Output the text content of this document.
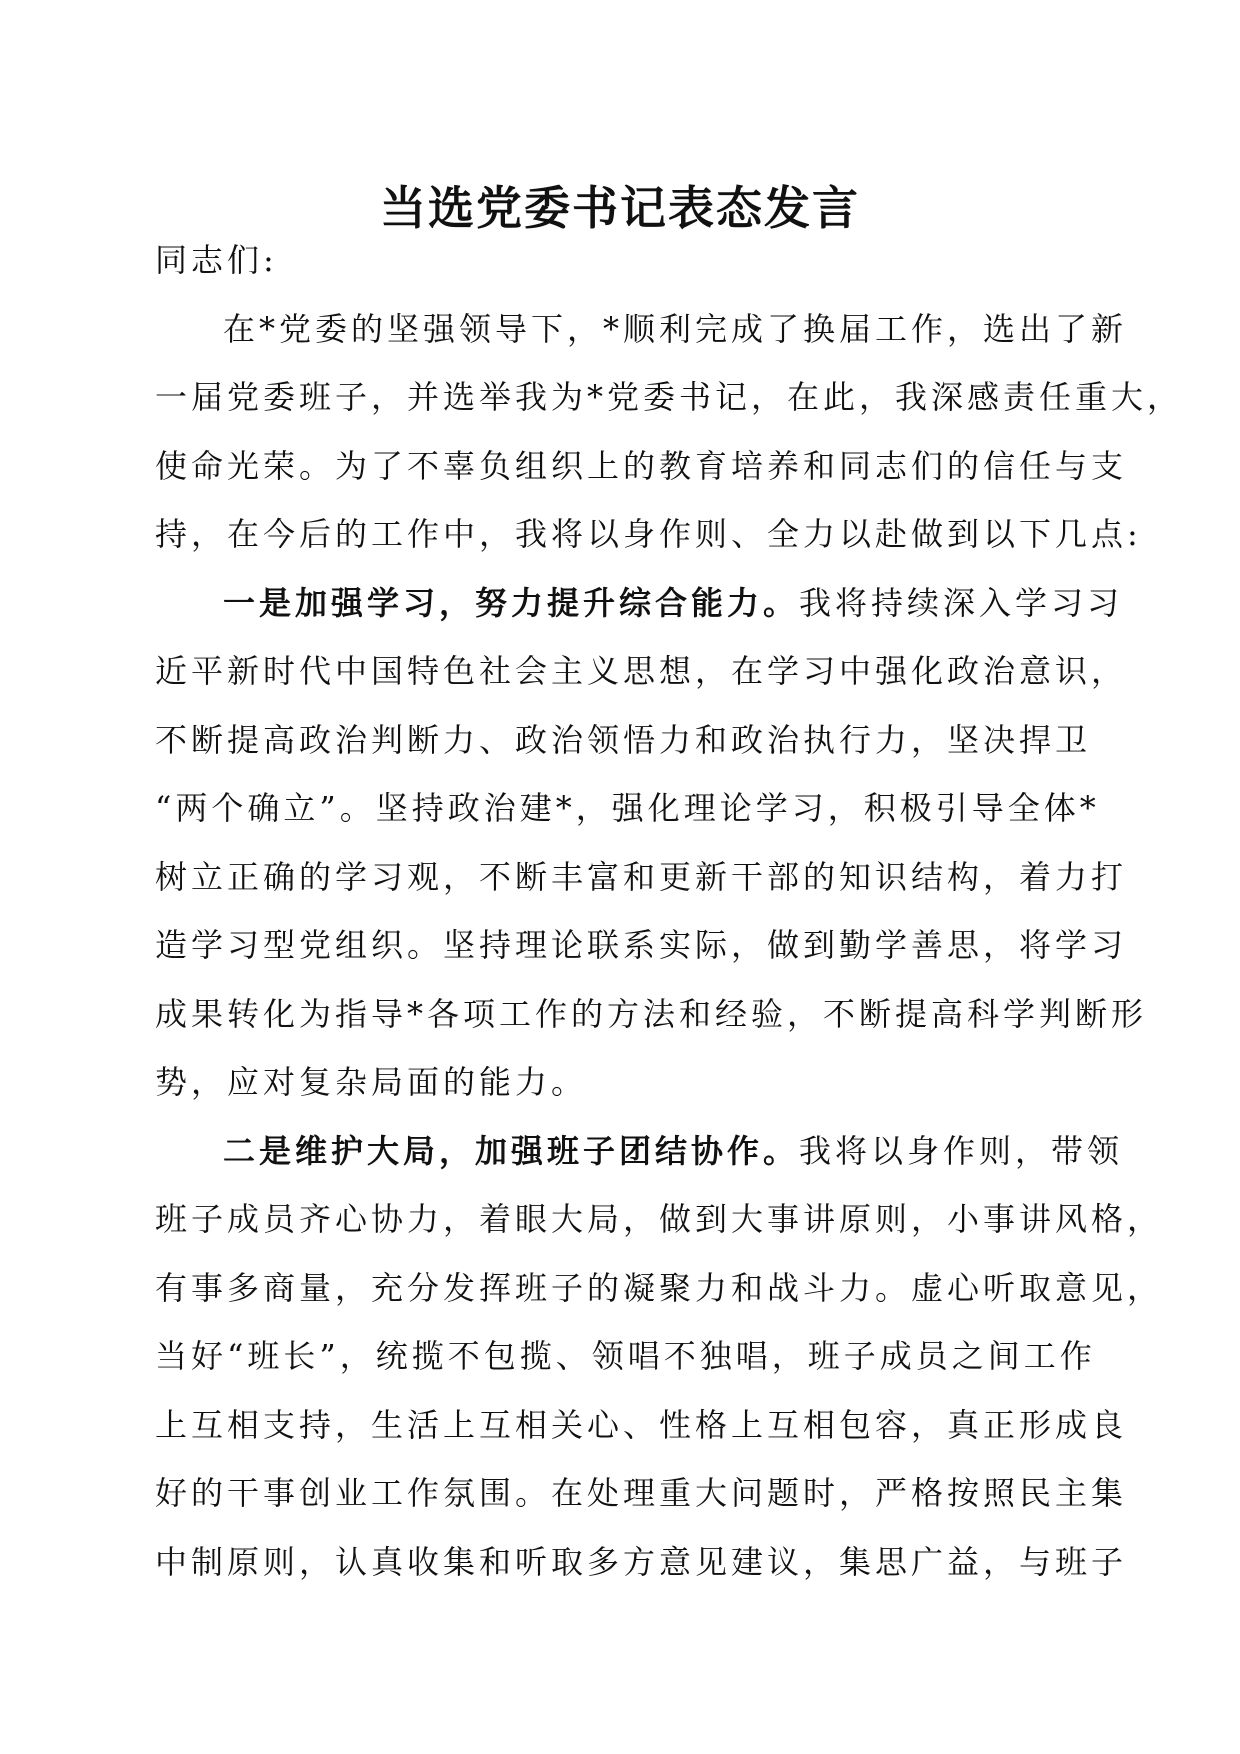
当选党委书记表态发言
同志们:
在*党委的坚强领导下，*顺利完成了换届工作，选出了新
一届党委班子，并选举我为*党委书记，在此，我深感责任重大，
使命光荣。为了不辜负组织上的教育培养和同志们的信任与支
持，在今后的工作中，我将以身作则、全力以赴做到以下几点:
一是加强学习，努力提升综合能力。我将持续深入学习习
近平新时代中国特色社会主义思想，在学习中强化政治意识，
不断提高政治判断力、政治领悟力和政治执行力，坚决捍卫
“两个确立”。坚持政治建*，强化理论学习，积极引导全体*
树立正确的学习观，不断丰富和更新干部的知识结构，着力打
造学习型党组织。坚持理论联系实际，做到勤学善思，将学习
成果转化为指导*各项工作的方法和经验，不断提高科学判断形
势，应对复杂局面的能力。
二是维护大局，加强班子团结协作。我将以身作则，带领
班子成员齐心协力，着眼大局，做到大事讲原则，小事讲风格，
有事多商量，充分发挥班子的凝聚力和战斗力。虚心听取意见，
当好“班长”，统揽不包揽、领唱不独唱，班子成员之间工作
上互相支持，生活上互相关心、性格上互相包容，真正形成良
好的干事创业工作氛围。在处理重大问题时，严格按照民主集
中制原则，认真收集和听取多方意见建议，集思广益，与班子
